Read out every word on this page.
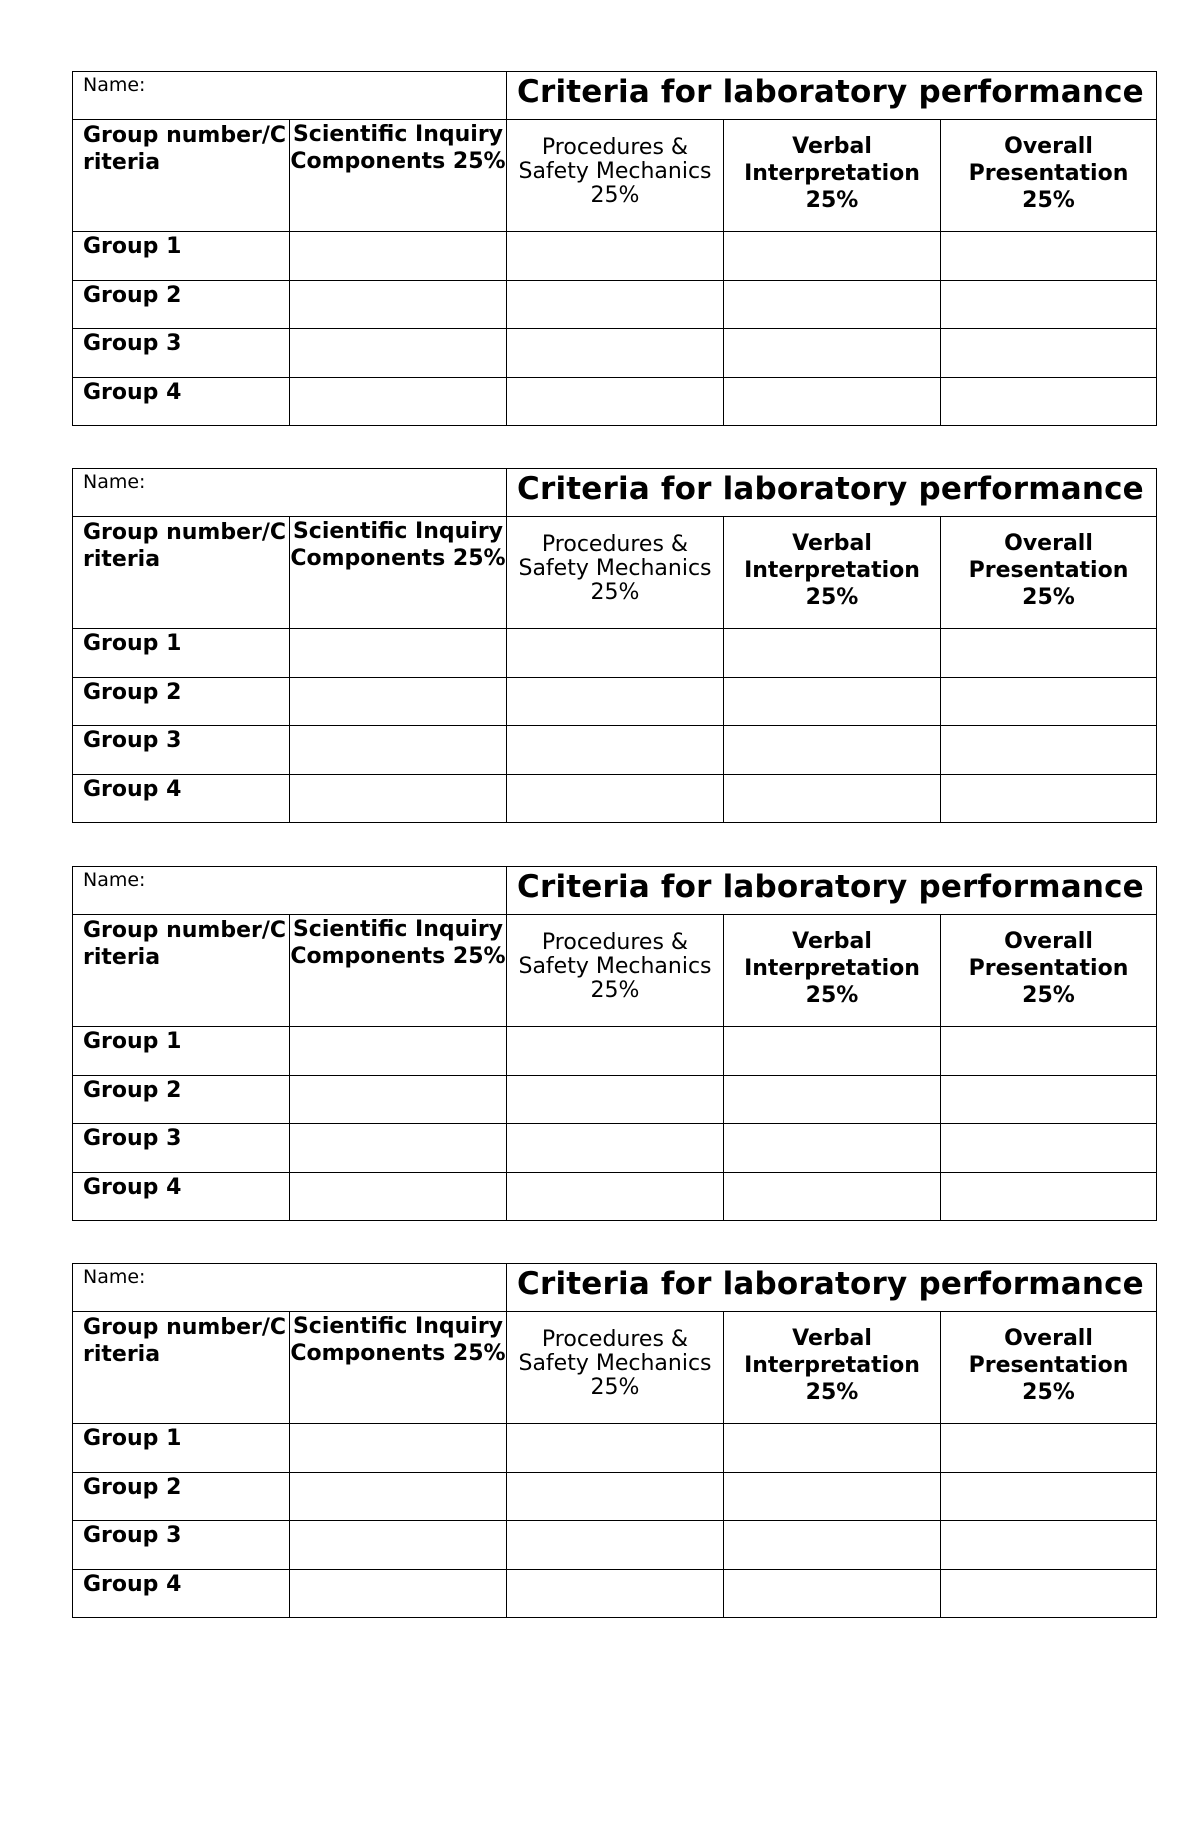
Name:		Criteria for laboratory performance		
Group number/Criteria	Scientific Inquiry Components 25%	Procedures & Safety Mechanics 25%	Verbal Interpretation 25%	Overall Presentation 25%
Group 1				
Group 2				
Group 3				
Group 4				
Name:		Criteria for laboratory performance		
Group number/Criteria	Scientific Inquiry Components 25%	Procedures & Safety Mechanics 25%	Verbal Interpretation 25%	Overall Presentation 25%
Group 1				
Group 2				
Group 3				
Group 4				
Name:		Criteria for laboratory performance		
Group number/Criteria	Scientific Inquiry Components 25%	Procedures & Safety Mechanics 25%	Verbal Interpretation 25%	Overall Presentation 25%
Group 1				
Group 2				
Group 3				
Group 4				
Name:		Criteria for laboratory performance		
Group number/Criteria	Scientific Inquiry Components 25%	Procedures & Safety Mechanics 25%	Verbal Interpretation 25%	Overall Presentation 25%
Group 1				
Group 2				
Group 3				
Group 4				
